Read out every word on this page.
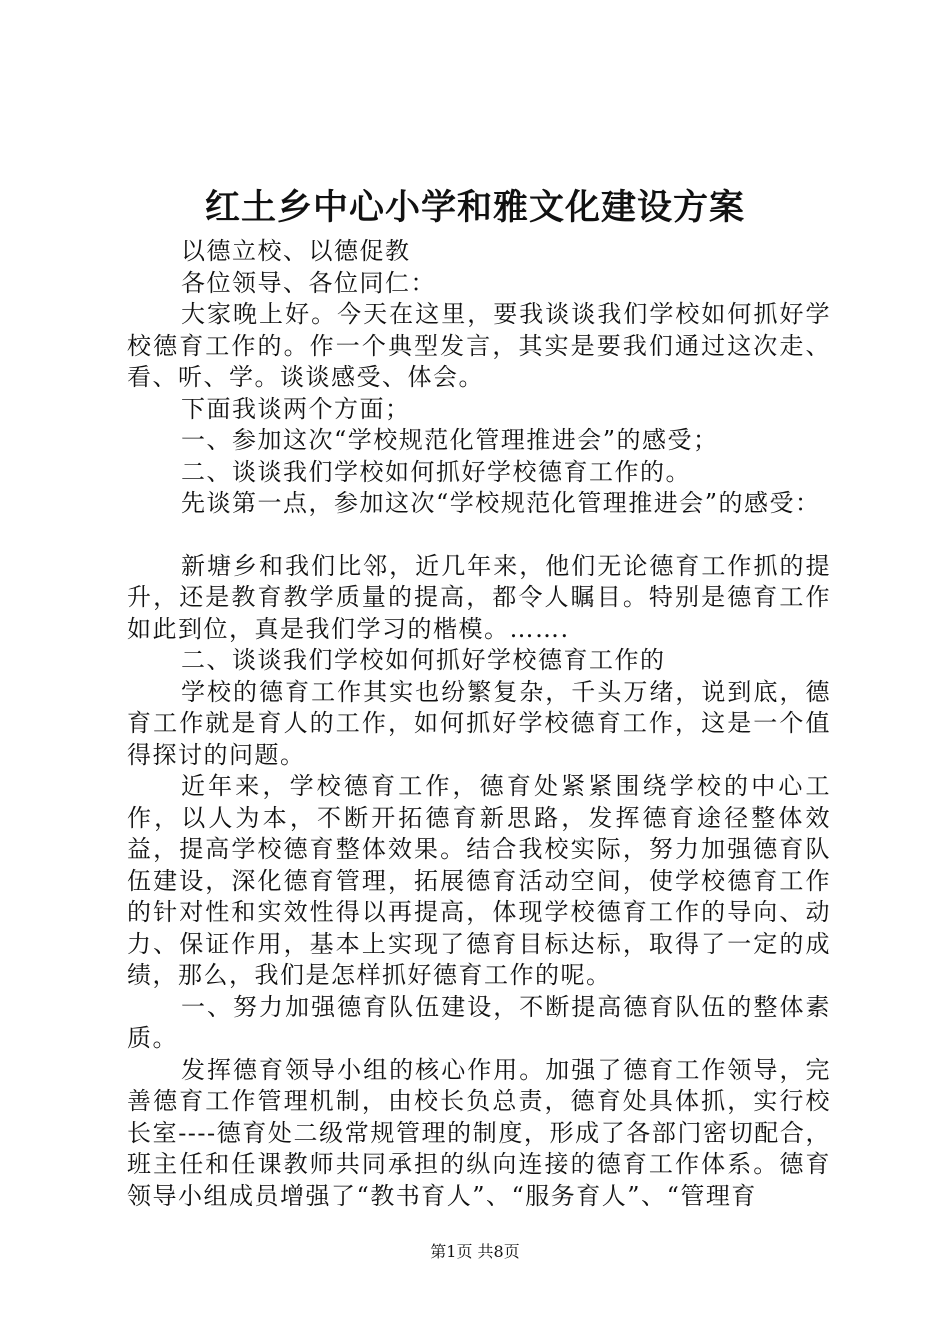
红土乡中心小学和雅文化建设方案

以德立校、以德促教

各位领导、各位同仁：

大家晚上好。今天在这里，要我谈谈我们学校如何抓好学校德育工作的。作一个典型发言，其实是要我们通过这次走、看、听、学。谈谈感受、体会。

下面我谈两个方面；

一、参加这次“学校规范化管理推进会”的感受；

二、谈谈我们学校如何抓好学校德育工作的。

先谈第一点，参加这次“学校规范化管理推进会”的感受：

新塘乡和我们比邻，近几年来，他们无论德育工作抓的提升，还是教育教学质量的提高，都令人瞩目。特别是德育工作如此到位，真是我们学习的楷模。…….

二、谈谈我们学校如何抓好学校德育工作的

学校的德育工作其实也纷繁复杂，千头万绪，说到底，德育工作就是育人的工作，如何抓好学校德育工作，这是一个值得探讨的问题。

近年来，学校德育工作，德育处紧紧围绕学校的中心工作，以人为本，不断开拓德育新思路，发挥德育途径整体效益，提高学校德育整体效果。结合我校实际，努力加强德育队伍建设，深化德育管理，拓展德育活动空间，使学校德育工作的针对性和实效性得以再提高，体现学校德育工作的导向、动力、保证作用，基本上实现了德育目标达标，取得了一定的成绩，那么，我们是怎样抓好德育工作的呢。

一、努力加强德育队伍建设，不断提高德育队伍的整体素质。

发挥德育领导小组的核心作用。加强了德育工作领导，完善德育工作管理机制，由校长负总责，德育处具体抓，实行校长室----德育处二级常规管理的制度，形成了各部门密切配合，班主任和任课教师共同承担的纵向连接的德育工作体系。德育领导小组成员增强了“教书育人”、“服务育人”、“管理育

第1页 共8页
